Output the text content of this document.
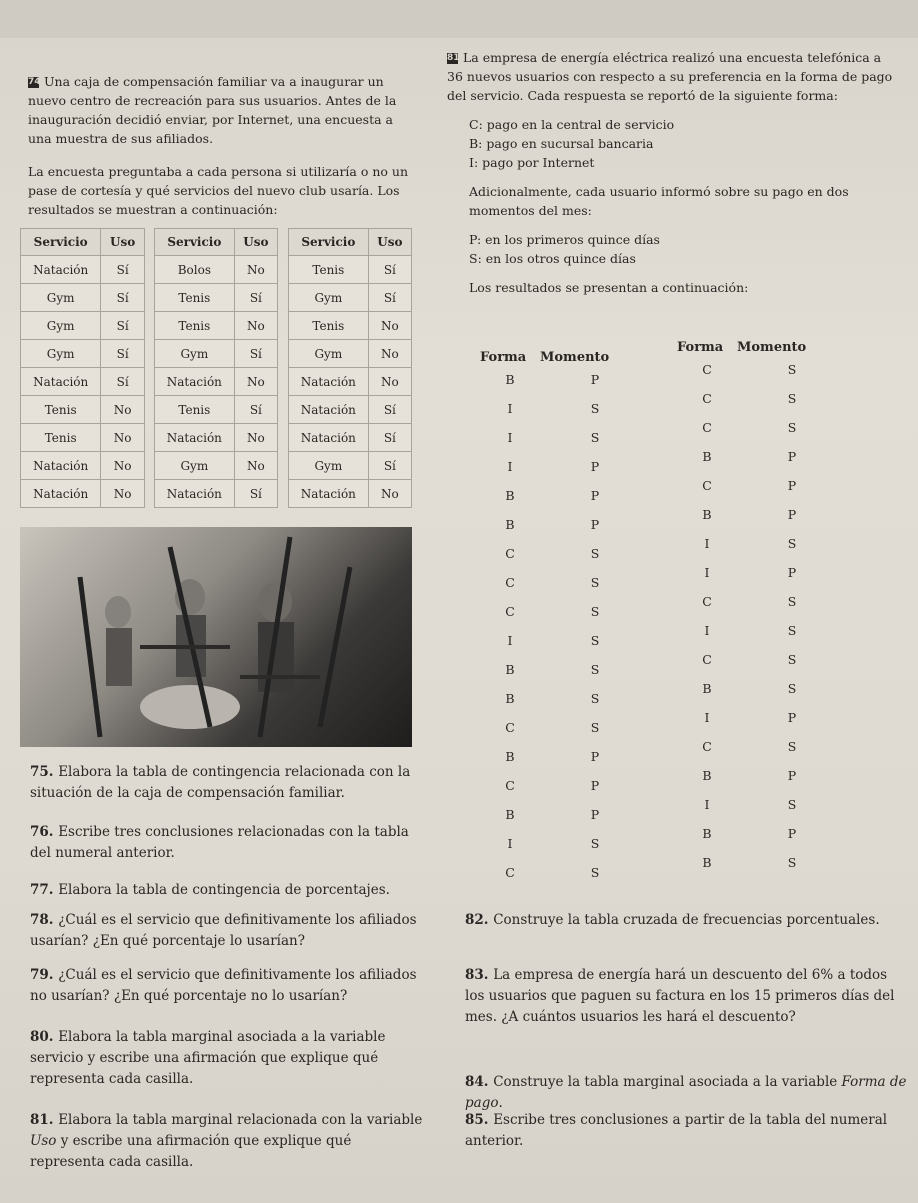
74 Una caja de compensación familiar va a inaugurar un nuevo centro de recreación para sus usuarios. Antes de la inauguración decidió enviar, por Internet, una encuesta a una muestra de sus afiliados.

La encuesta preguntaba a cada persona si utilizaría o no un pase de cortesía y qué servicios del nuevo club usaría. Los resultados se muestran a continuación:

Servicio	Uso
Natación	Sí
Gym	Sí
Gym	Sí
Gym	Sí
Natación	Sí
Tenis	No
Tenis	No
Natación	No
Natación	No
Servicio	Uso
Bolos	No
Tenis	Sí
Tenis	No
Gym	Sí
Natación	No
Tenis	Sí
Natación	No
Gym	No
Natación	Sí
Servicio	Uso
Tenis	Sí
Gym	Sí
Tenis	No
Gym	No
Natación	No
Natación	Sí
Natación	Sí
Gym	Sí
Natación	No

75. Elabora la tabla de contingencia relacionada con la situación de la caja de compensación familiar.

76. Escribe tres conclusiones relacionadas con la tabla del numeral anterior.

77. Elabora la tabla de contingencia de porcentajes.

78. ¿Cuál es el servicio que definitivamente los afiliados usarían? ¿En qué porcentaje lo usarían?

79. ¿Cuál es el servicio que definitivamente los afiliados no usarían? ¿En qué porcentaje no lo usarían?

80. Elabora la tabla marginal asociada a la variable servicio y escribe una afirmación que explique qué representa cada casilla.

81. Elabora la tabla marginal relacionada con la variable Uso y escribe una afirmación que explique qué representa cada casilla.

81 La empresa de energía eléctrica realizó una encuesta telefónica a 36 nuevos usuarios con respecto a su preferencia en la forma de pago del servicio. Cada respuesta se reportó de la siguiente forma:

C: pago en la central de servicio

B: pago en sucursal bancaria

I: pago por Internet

Adicionalmente, cada usuario informó sobre su pago en dos momentos del mes:

P: en los primeros quince días

S: en los otros quince días

Los resultados se presentan a continuación:

Forma	Momento
B	P
I	S
I	S
I	P
B	P
B	P
C	S
C	S
C	S
I	S
B	S
B	S
C	S
B	P
C	P
B	P
I	S
C	S
Forma	Momento
C	S
C	S
C	S
B	P
C	P
B	P
I	S
I	P
C	S
I	S
C	S
B	S
I	P
C	S
B	P
I	S
B	P
B	S

82. Construye la tabla cruzada de frecuencias porcentuales.

83. La empresa de energía hará un descuento del 6% a todos los usuarios que paguen su factura en los 15 primeros días del mes. ¿A cuántos usuarios les hará el descuento?

84. Construye la tabla marginal asociada a la variable Forma de pago.

85. Escribe tres conclusiones a partir de la tabla del numeral anterior.
